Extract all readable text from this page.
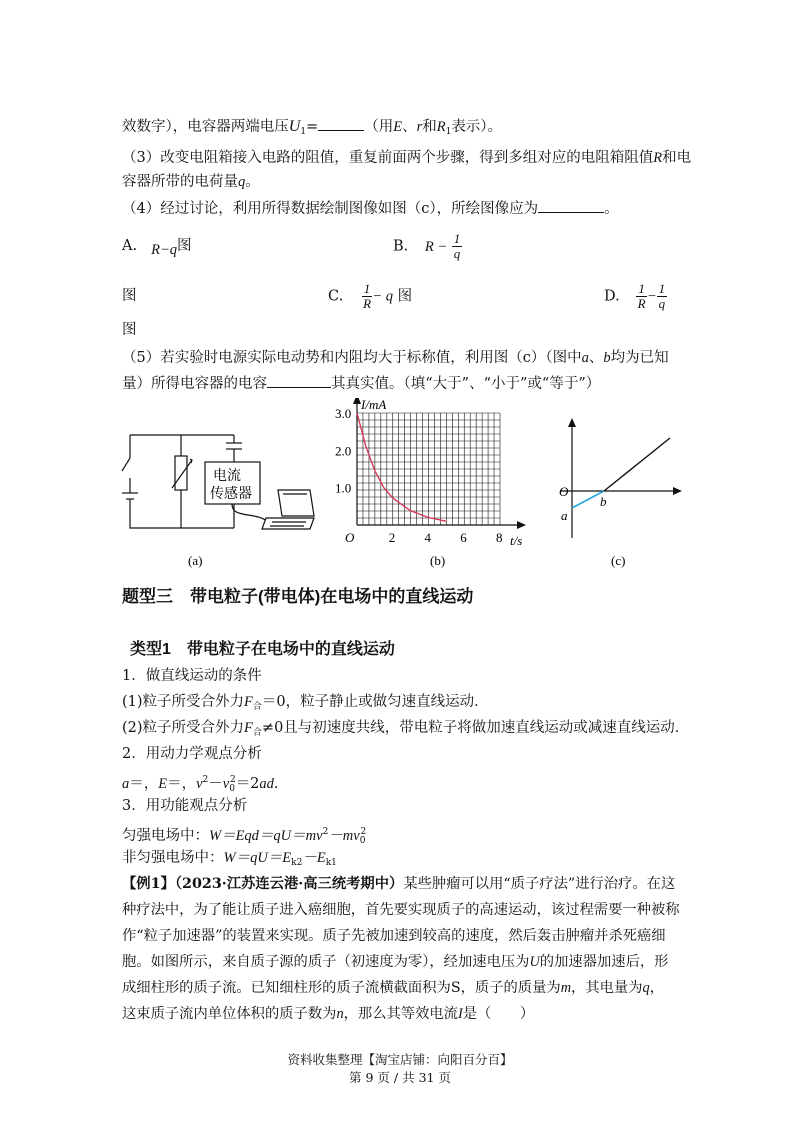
效数字），电容器两端电压$U_1=$	（用E、r和$R_1$表示）。
（3）改变电阻箱接入电路的阻值，重复前面两个步骤，得到多组对应的电阻箱阻值R和电
容器所带的电荷量q。
（4）经过讨论，利用所得数据绘制图像如图（c），所绘图像应为	。
A. R−q图	B. $R - \frac{1}{q}$
图	C. $\frac{1}{R} - q$ 图	D. $\frac{1}{R} - \frac{1}{q}$
图
（5）若实验时电源实际电动势和内阻均大于标称值，利用图（c）（图中a、b均为已知
量）所得电容器的电容	其真实值。（填“大于”、“小于”或“等于”）
电流
传感器
(a)
2 4 6 8
1.0
2.0
3.0
I/mA
t/s
O
(b)
O
a
b
(c)
题型三　带电粒子(带电体)在电场中的直线运动
类型1　带电粒子在电场中的直线运动
1．做直线运动的条件
(1)粒子所受合外力$F_合=0$，粒子静止或做匀速直线运动．
(2)粒子所受合外力$F_合\ne 0$且与初速度共线，带电粒子将做加速直线运动或减速直线运动．
2．用动力学观点分析
a＝，E＝，$v^2-v_0^2=2ad$.
3．用功能观点分析
匀强电场中：$W=Eqd=qU=mv^2-mv_0^2$
非匀强电场中：$W=qU=E_{k2}-E_{k1}$
【例1】（2023·江苏连云港·高三统考期中）某些肿瘤可以用“质子疗法”进行治疗。在这
种疗法中，为了能让质子进入癌细胞，首先要实现质子的高速运动，该过程需要一种被称
作“粒子加速器”的装置来实现。质子先被加速到较高的速度，然后轰击肿瘤并杀死癌细
胞。如图所示，来自质子源的质子（初速度为零），经加速电压为U的加速器加速后，形
成细柱形的质子流。已知细柱形的质子流横截面积为S，质子的质量为m，其电量为q，
这束质子流内单位体积的质子数为n，那么其等效电流I是（　　）
资料收集整理【淘宝店铺：向阳百分百】
第 9 页 / 共 31 页
